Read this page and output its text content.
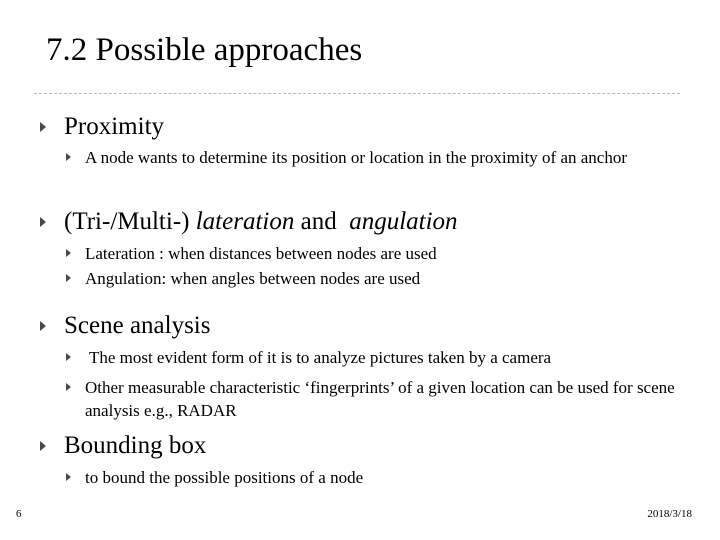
7.2 Possible approaches
Proximity
A node wants to determine its position or location in the proximity of an anchor
(Tri-/Multi-) lateration and  angulation
Lateration : when distances between nodes are used
Angulation: when angles between nodes are used
Scene analysis
The most evident form of it is to analyze pictures taken by a camera
Other measurable characteristic ‘fingerprints’ of a given location can be used for scene analysis e.g., RADAR
Bounding box
to bound the possible positions of a node
6	2018/3/18
